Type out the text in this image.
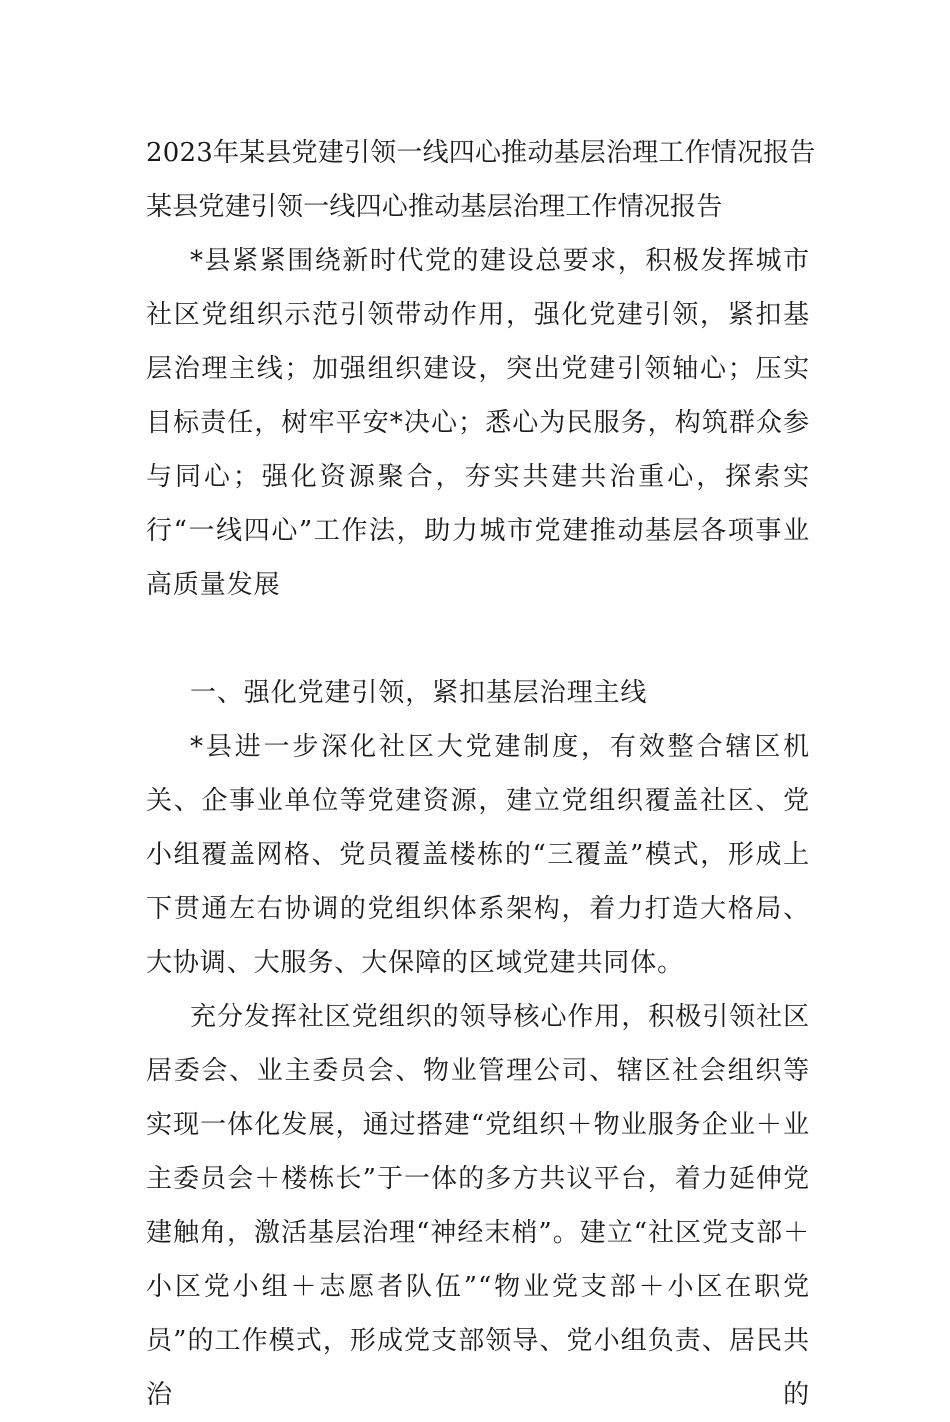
2023年某县党建引领一线四心推动基层治理工作情况报告
某县党建引领一线四心推动基层治理工作情况报告

*县紧紧围绕新时代党的建设总要求，积极发挥城市社区党组织示范引领带动作用，强化党建引领，紧扣基层治理主线；加强组织建设，突出党建引领轴心；压实目标责任，树牢平安*决心；悉心为民服务，构筑群众参与同心；强化资源聚合，夯实共建共治重心，探索实行“一线四心”工作法，助力城市党建推动基层各项事业高质量发展

一、强化党建引领，紧扣基层治理主线

*县进一步深化社区大党建制度，有效整合辖区机关、企事业单位等党建资源，建立党组织覆盖社区、党小组覆盖网格、党员覆盖楼栋的“三覆盖”模式，形成上下贯通左右协调的党组织体系架构，着力打造大格局、大协调、大服务、大保障的区域党建共同体。

充分发挥社区党组织的领导核心作用，积极引领社区居委会、业主委员会、物业管理公司、辖区社会组织等实现一体化发展，通过搭建“党组织＋物业服务企业＋业主委员会＋楼栋长”于一体的多方共议平台，着力延伸党建触角，激活基层治理“神经末梢”。建立“社区党支部＋小区党小组＋志愿者队伍”“物业党支部＋小区在职党员”的工作模式，形成党支部领导、党小组负责、居民共治的
